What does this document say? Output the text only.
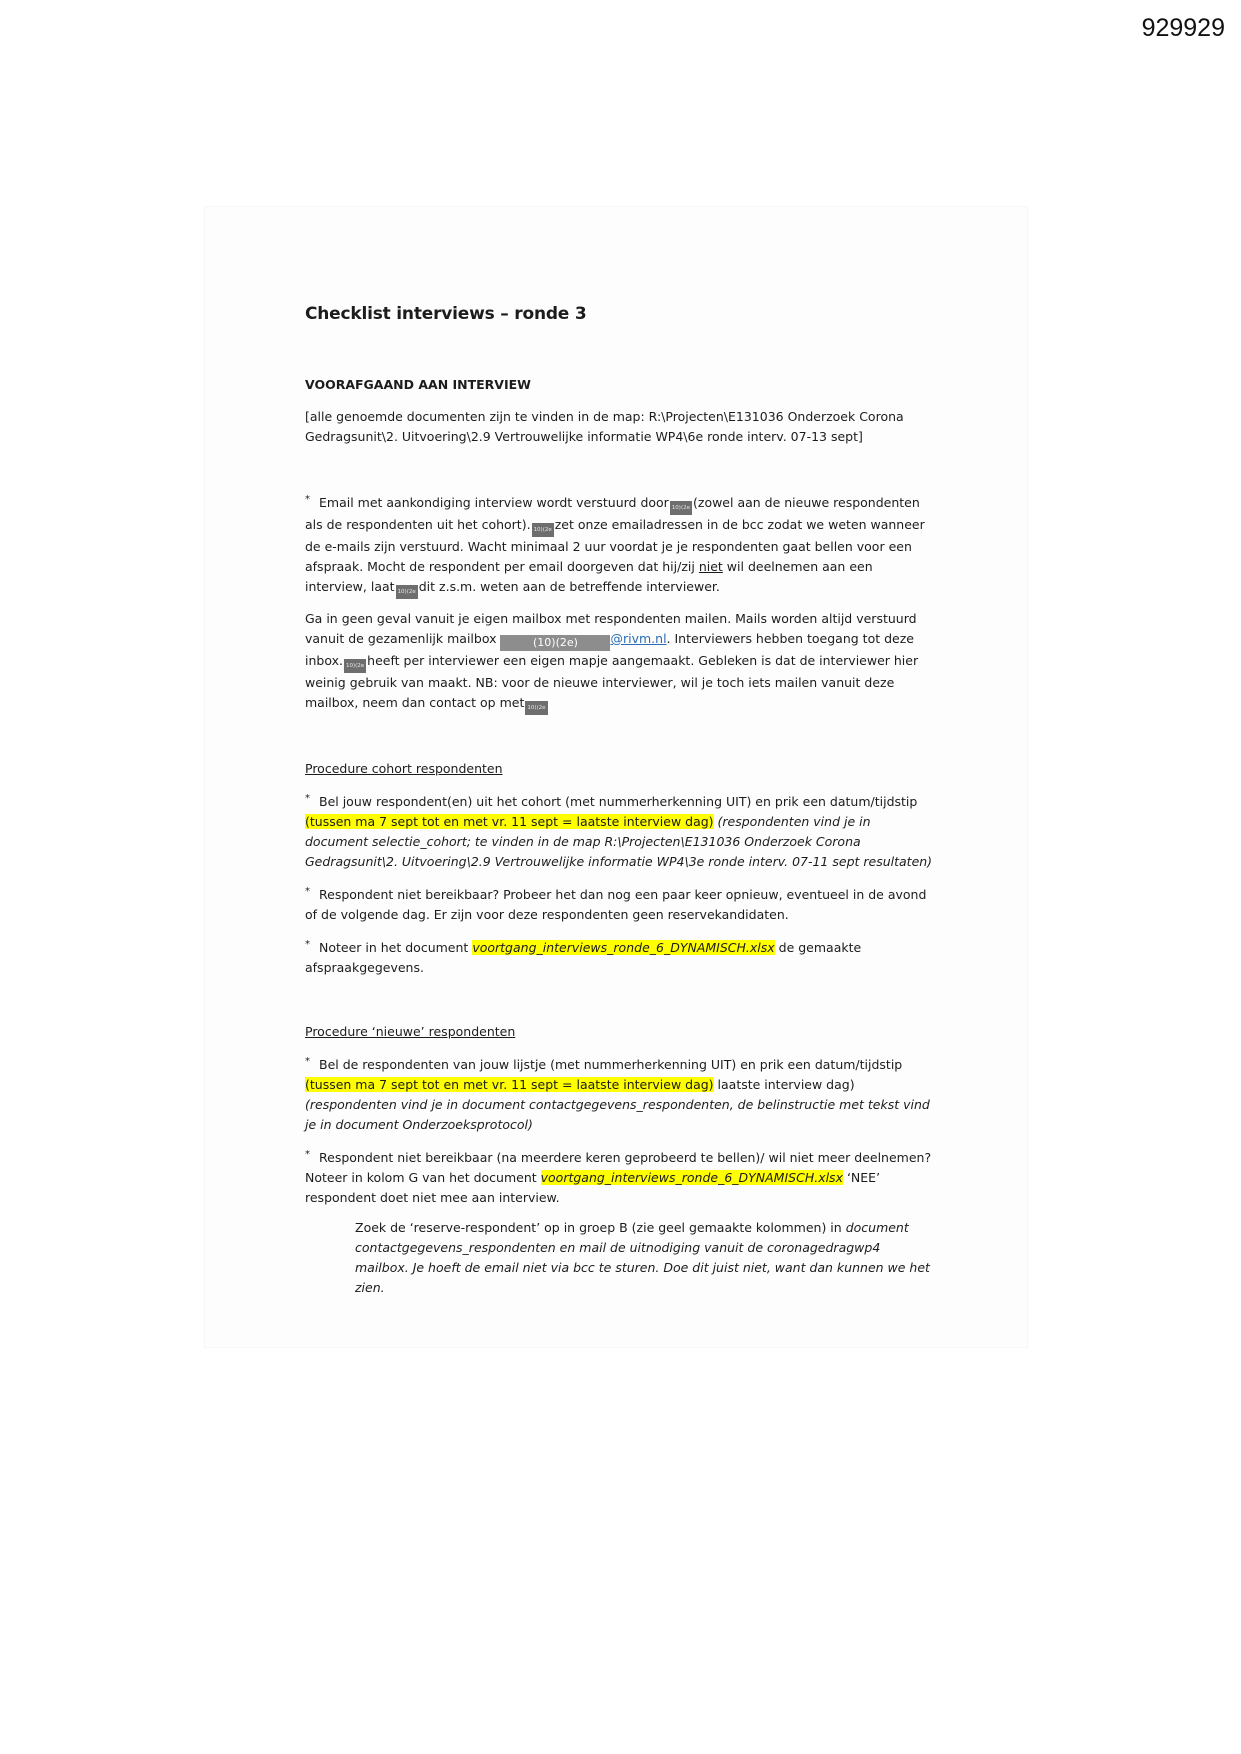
929929
Checklist interviews – ronde 3
VOORAFGAAND AAN INTERVIEW

[alle genoemde documenten zijn te vinden in de map: R:\Projecten\E131036 Onderzoek Corona Gedragsunit\2. Uitvoering\2.9 Vertrouwelijke informatie WP4\6e ronde interv. 07-13 sept]

* Email met aankondiging interview wordt verstuurd door 10)(2e (zowel aan de nieuwe respondenten als de respondenten uit het cohort). 10)(2e zet onze emailadressen in de bcc zodat we weten wanneer de e-mails zijn verstuurd. Wacht minimaal 2 uur voordat je je respondenten gaat bellen voor een afspraak. Mocht de respondent per email doorgeven dat hij/zij niet wil deelnemen aan een interview, laat 10)(2e dit z.s.m. weten aan de betreffende interviewer.

Ga in geen geval vanuit je eigen mailbox met respondenten mailen. Mails worden altijd verstuurd vanuit de gezamenlijk mailbox	(10)(2e)	@rivm.nl. Interviewers hebben toegang tot deze inbox. 10)(2e heeft per interviewer een eigen mapje aangemaakt. Gebleken is dat de interviewer hier weinig gebruik van maakt. NB: voor de nieuwe interviewer, wil je toch iets mailen vanuit deze mailbox, neem dan contact op met 10)(2e

Procedure cohort respondenten

* Bel jouw respondent(en) uit het cohort (met nummerherkenning UIT) en prik een datum/tijdstip (tussen ma 7 sept tot en met vr. 11 sept = laatste interview dag) (respondenten vind je in document selectie_cohort; te vinden in de map R:\Projecten\E131036 Onderzoek Corona Gedragsunit\2. Uitvoering\2.9 Vertrouwelijke informatie WP4\3e ronde interv. 07-11 sept resultaten)

* Respondent niet bereikbaar? Probeer het dan nog een paar keer opnieuw, eventueel in de avond of de volgende dag. Er zijn voor deze respondenten geen reservekandidaten.

* Noteer in het document voortgang_interviews_ronde_6_DYNAMISCH.xlsx de gemaakte afspraakgegevens.

Procedure ‘nieuwe’ respondenten

* Bel de respondenten van jouw lijstje (met nummerherkenning UIT) en prik een datum/tijdstip (tussen ma 7 sept tot en met vr. 11 sept = laatste interview dag) laatste interview dag) (respondenten vind je in document contactgegevens_respondenten, de belinstructie met tekst vind je in document Onderzoeksprotocol)

* Respondent niet bereikbaar (na meerdere keren geprobeerd te bellen)/ wil niet meer deelnemen? Noteer in kolom G van het document voortgang_interviews_ronde_6_DYNAMISCH.xlsx ‘NEE’ respondent doet niet mee aan interview.

Zoek de ‘reserve-respondent’ op in groep B (zie geel gemaakte kolommen) in document contactgegevens_respondenten en mail de uitnodiging vanuit de coronagedragwp4 mailbox. Je hoeft de email niet via bcc te sturen. Doe dit juist niet, want dan kunnen we het zien.
